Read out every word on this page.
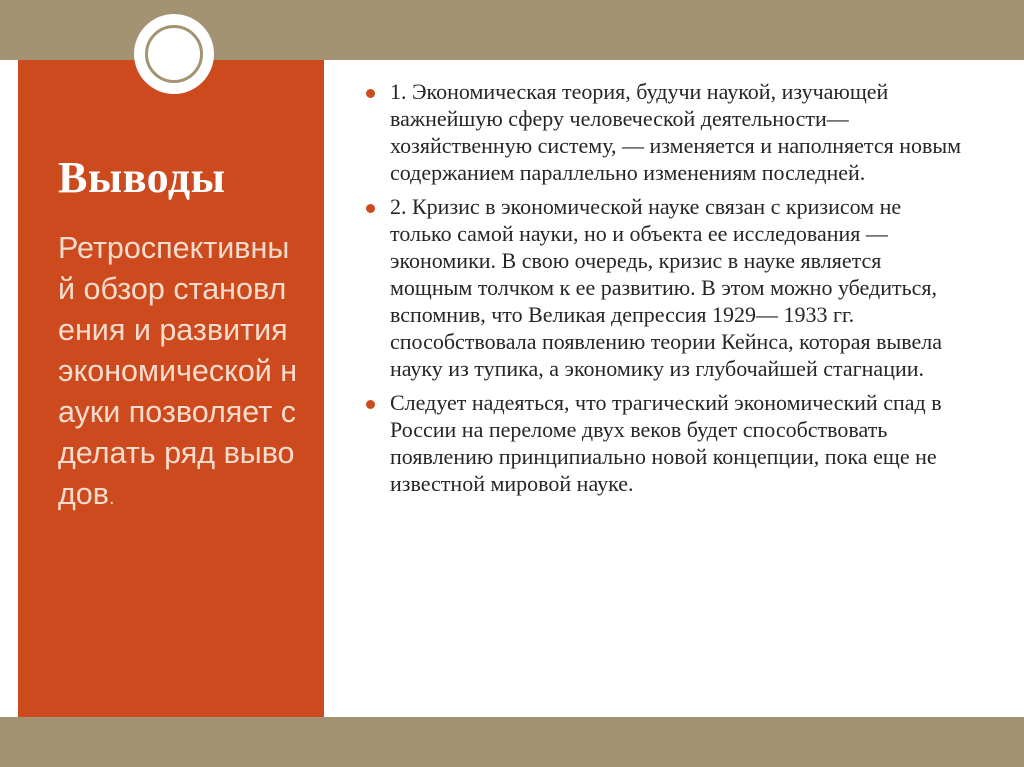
Выводы
Ретроспективный обзор становления и развития экономической науки позволяет сделать ряд выводов.
1. Экономическая теория, будучи наукой, изучающей важнейшую сферу человеческой деятельности— хозяйственную систему, — изменяется и наполняется новым содержанием параллельно изменениям последней.
2. Кризис в экономической науке связан с кризисом не только самой науки, но и объекта ее исследования — экономики. В свою очередь, кризис в науке является мощным толчком к ее развитию. В этом можно убедиться, вспомнив, что Великая депрессия 1929— 1933 гг. способствовала появлению теории Кейнса, которая вывела науку из тупика, а экономику из глубочайшей стагнации.
Следует надеяться, что трагический экономический спад в России на переломе двух веков будет способствовать появлению принципиально новой концепции, пока еще не известной мировой науке.
